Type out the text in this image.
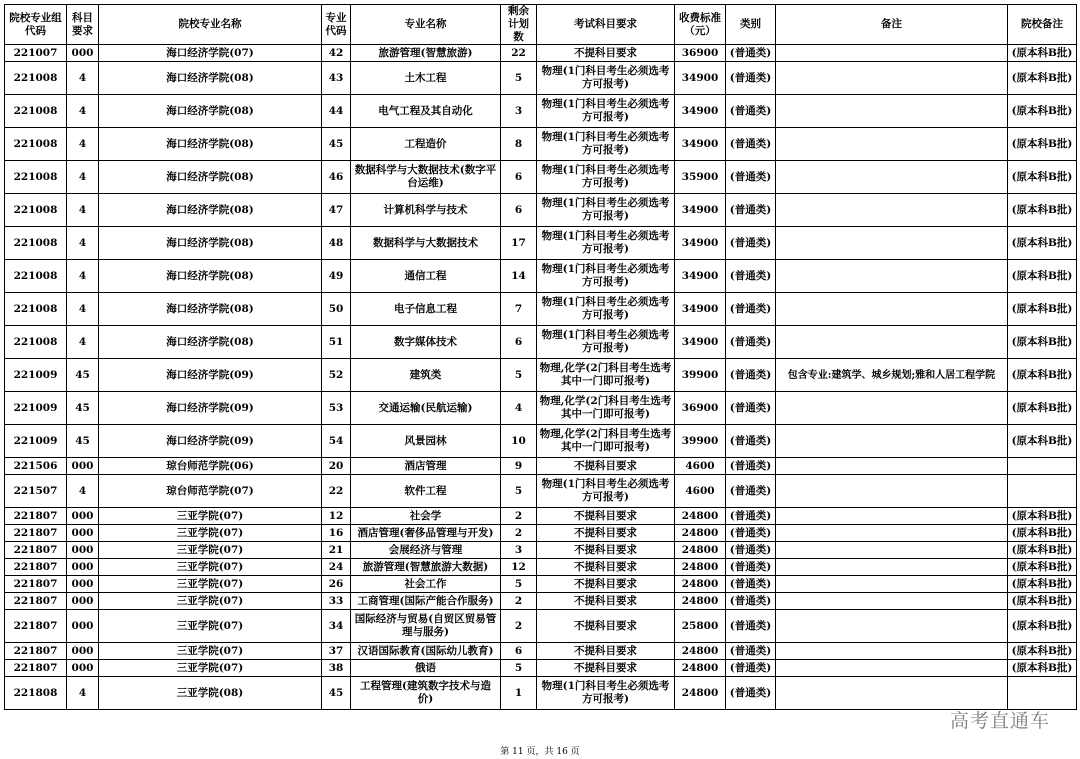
院校专业组代码	科目要求	院校专业名称	专业代码	专业名称	剩余计划数	考试科目要求	收费标准（元）	类别	备注	院校备注
221007	000	海口经济学院(07)	42	旅游管理(智慧旅游)	22	不提科目要求	36900	(普通类)		(原本科B批)
221008	4	海口经济学院(08)	43	土木工程	5	物理(1门科目考生必须选考方可报考)	34900	(普通类)		(原本科B批)
221008	4	海口经济学院(08)	44	电气工程及其自动化	3	物理(1门科目考生必须选考方可报考)	34900	(普通类)		(原本科B批)
221008	4	海口经济学院(08)	45	工程造价	8	物理(1门科目考生必须选考方可报考)	34900	(普通类)		(原本科B批)
221008	4	海口经济学院(08)	46	数据科学与大数据技术(数字平台运维)	6	物理(1门科目考生必须选考方可报考)	35900	(普通类)		(原本科B批)
221008	4	海口经济学院(08)	47	计算机科学与技术	6	物理(1门科目考生必须选考方可报考)	34900	(普通类)		(原本科B批)
221008	4	海口经济学院(08)	48	数据科学与大数据技术	17	物理(1门科目考生必须选考方可报考)	34900	(普通类)		(原本科B批)
221008	4	海口经济学院(08)	49	通信工程	14	物理(1门科目考生必须选考方可报考)	34900	(普通类)		(原本科B批)
221008	4	海口经济学院(08)	50	电子信息工程	7	物理(1门科目考生必须选考方可报考)	34900	(普通类)		(原本科B批)
221008	4	海口经济学院(08)	51	数字媒体技术	6	物理(1门科目考生必须选考方可报考)	34900	(普通类)		(原本科B批)
221009	45	海口经济学院(09)	52	建筑类	5	物理,化学(2门科目考生选考其中一门即可报考)	39900	(普通类)	包含专业:建筑学、城乡规划;雅和人居工程学院	(原本科B批)
221009	45	海口经济学院(09)	53	交通运输(民航运输)	4	物理,化学(2门科目考生选考其中一门即可报考)	36900	(普通类)		(原本科B批)
221009	45	海口经济学院(09)	54	风景园林	10	物理,化学(2门科目考生选考其中一门即可报考)	39900	(普通类)		(原本科B批)
221506	000	琼台师范学院(06)	20	酒店管理	9	不提科目要求	4600	(普通类)		
221507	4	琼台师范学院(07)	22	软件工程	5	物理(1门科目考生必须选考方可报考)	4600	(普通类)		
221807	000	三亚学院(07)	12	社会学	2	不提科目要求	24800	(普通类)		(原本科B批)
221807	000	三亚学院(07)	16	酒店管理(奢侈品管理与开发)	2	不提科目要求	24800	(普通类)		(原本科B批)
221807	000	三亚学院(07)	21	会展经济与管理	3	不提科目要求	24800	(普通类)		(原本科B批)
221807	000	三亚学院(07)	24	旅游管理(智慧旅游大数据)	12	不提科目要求	24800	(普通类)		(原本科B批)
221807	000	三亚学院(07)	26	社会工作	5	不提科目要求	24800	(普通类)		(原本科B批)
221807	000	三亚学院(07)	33	工商管理(国际产能合作服务)	2	不提科目要求	24800	(普通类)		(原本科B批)
221807	000	三亚学院(07)	34	国际经济与贸易(自贸区贸易管理与服务)	2	不提科目要求	25800	(普通类)		(原本科B批)
221807	000	三亚学院(07)	37	汉语国际教育(国际幼儿教育)	6	不提科目要求	24800	(普通类)		(原本科B批)
221807	000	三亚学院(07)	38	俄语	5	不提科目要求	24800	(普通类)		(原本科B批)
221808	4	三亚学院(08)	45	工程管理(建筑数字技术与造价)	1	物理(1门科目考生必须选考方可报考)	24800	(普通类)		
第 11 页，共 16 页
高考直通车
